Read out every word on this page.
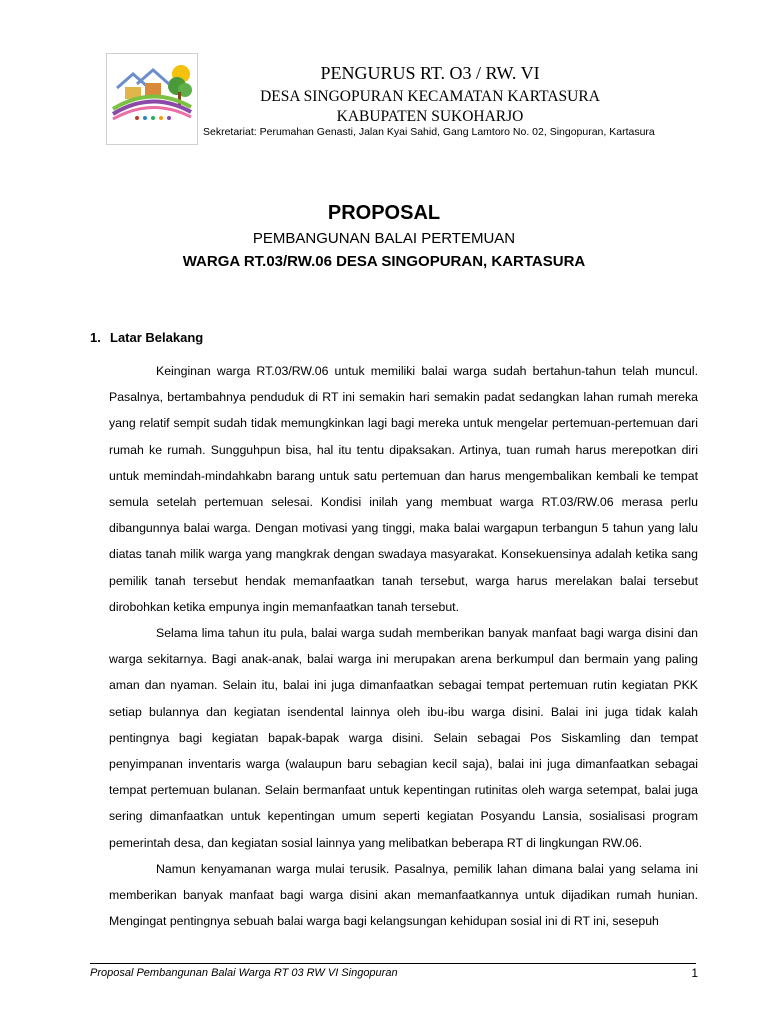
PENGURUS RT. O3 / RW. VI
DESA SINGOPURAN KECAMATAN KARTASURA
KABUPATEN SUKOHARJO
Sekretariat: Perumahan Genasti, Jalan Kyai Sahid, Gang Lamtoro No. 02, Singopuran, Kartasura
PROPOSAL
PEMBANGUNAN BALAI PERTEMUAN
WARGA RT.03/RW.06 DESA SINGOPURAN, KARTASURA
1. Latar Belakang

Keinginan warga RT.03/RW.06 untuk memiliki balai warga sudah bertahun-tahun telah muncul. Pasalnya, bertambahnya penduduk di RT ini semakin hari semakin padat sedangkan lahan rumah mereka yang relatif sempit sudah tidak memungkinkan lagi bagi mereka untuk mengelar pertemuan-pertemuan dari rumah ke rumah. Sungguhpun bisa, hal itu tentu dipaksakan. Artinya, tuan rumah harus merepotkan diri untuk memindah-mindahkabn barang untuk satu pertemuan dan harus mengembalikan kembali ke tempat semula setelah pertemuan selesai. Kondisi inilah yang membuat warga RT.03/RW.06 merasa perlu dibangunnya balai warga. Dengan motivasi yang tinggi, maka balai wargapun terbangun 5 tahun yang lalu diatas tanah milik warga yang mangkrak dengan swadaya masyarakat. Konsekuensinya adalah ketika sang pemilik tanah tersebut hendak memanfaatkan tanah tersebut, warga harus merelakan balai tersebut dirobohkan ketika empunya ingin memanfaatkan tanah tersebut.

Selama lima tahun itu pula, balai warga sudah memberikan banyak manfaat bagi warga disini dan warga sekitarnya. Bagi anak-anak, balai warga ini merupakan arena berkumpul dan bermain yang paling aman dan nyaman. Selain itu, balai ini juga dimanfaatkan sebagai tempat pertemuan rutin kegiatan PKK setiap bulannya dan kegiatan isendental lainnya oleh ibu-ibu warga disini. Balai ini juga tidak kalah pentingnya bagi kegiatan bapak-bapak warga disini. Selain sebagai Pos Siskamling dan tempat penyimpanan inventaris warga (walaupun baru sebagian kecil saja), balai ini juga dimanfaatkan sebagai tempat pertemuan bulanan. Selain bermanfaat untuk kepentingan rutinitas oleh warga setempat, balai juga sering dimanfaatkan untuk kepentingan umum seperti kegiatan Posyandu Lansia, sosialisasi program pemerintah desa, dan kegiatan sosial lainnya yang melibatkan beberapa RT di lingkungan RW.06.

Namun kenyamanan warga mulai terusik. Pasalnya, pemilik lahan dimana balai yang selama ini memberikan banyak manfaat bagi warga disini akan memanfaatkannya untuk dijadikan rumah hunian. Mengingat pentingnya sebuah balai warga bagi kelangsungan kehidupan sosial ini di RT ini, sesepuh

Proposal Pembangunan Balai Warga RT 03 RW VI Singopuran	1
